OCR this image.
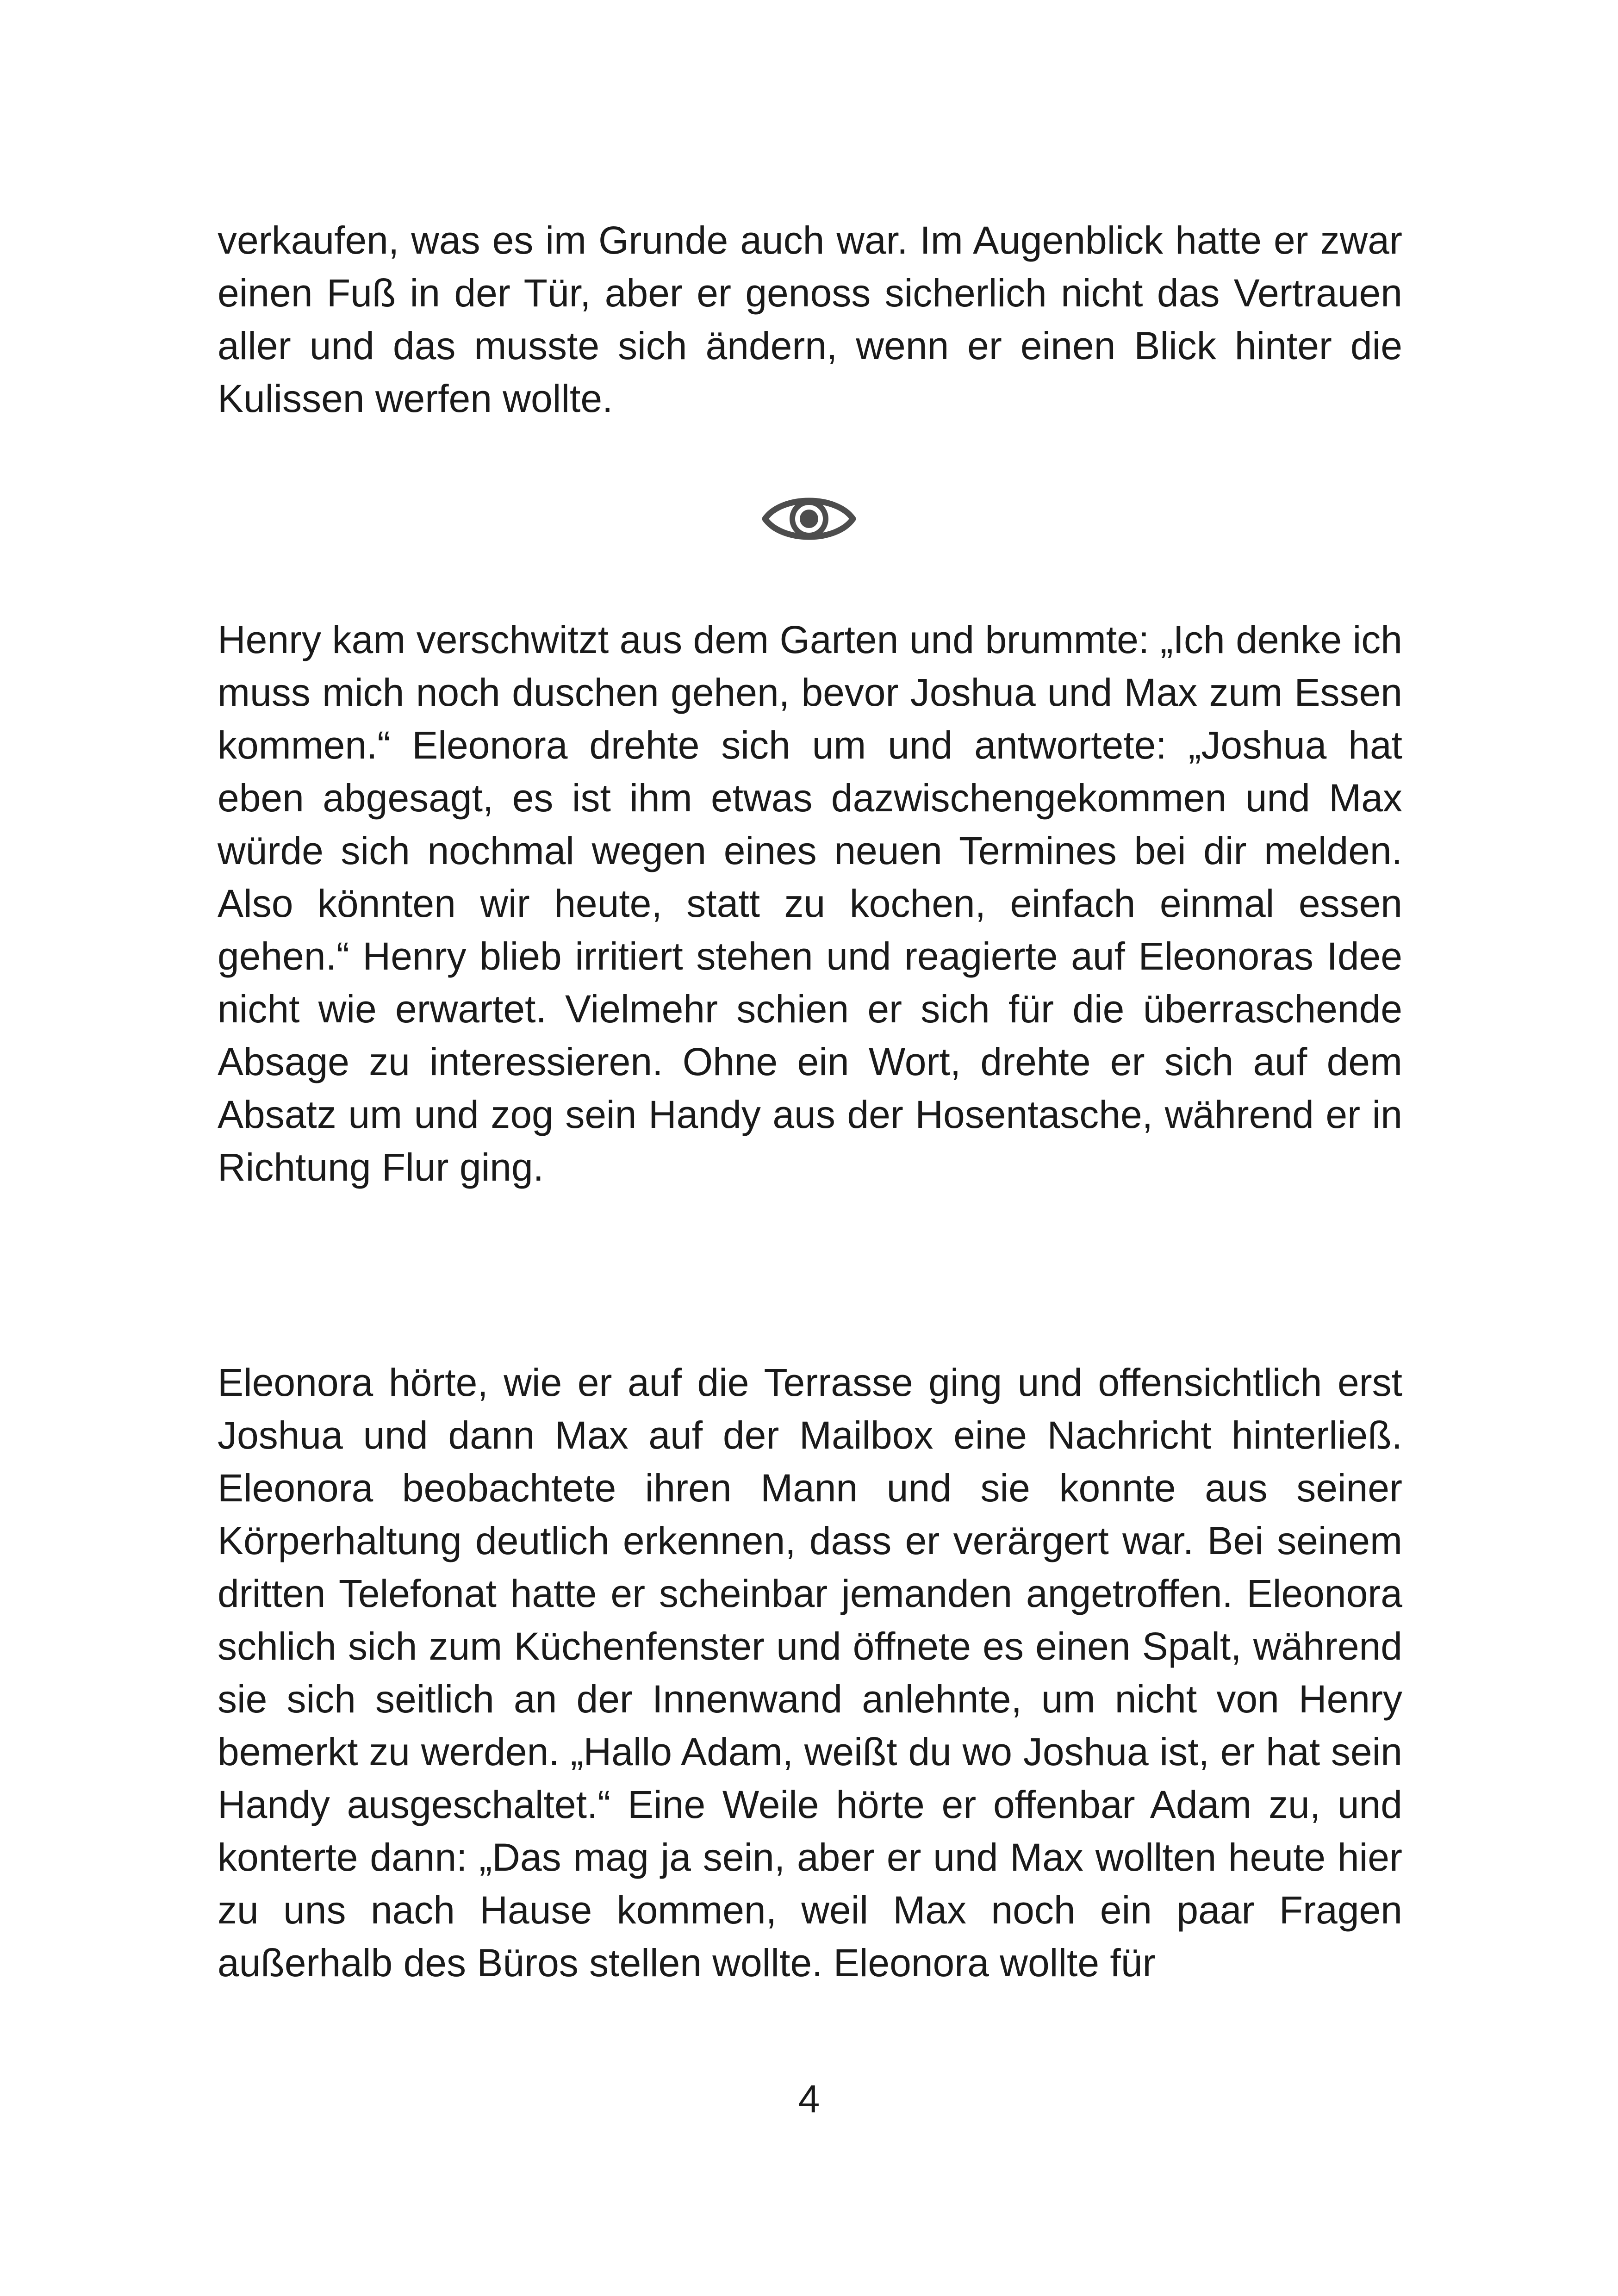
verkaufen, was es im Grunde auch war. Im Augenblick hatte er zwar einen Fuß in der Tür, aber er genoss sicherlich nicht das Vertrauen aller und das musste sich ändern, wenn er einen Blick hinter die Kulissen werfen wollte.

Henry kam verschwitzt aus dem Garten und brummte: „Ich denke ich muss mich noch duschen gehen, bevor Joshua und Max zum Essen kommen.“ Eleonora drehte sich um und antwortete: „Joshua hat eben abgesagt, es ist ihm etwas dazwischengekommen und Max würde sich nochmal wegen eines neuen Termines bei dir melden. Also könnten wir heute, statt zu kochen, einfach einmal essen gehen.“ Henry blieb irritiert stehen und reagierte auf Eleonoras Idee nicht wie erwartet. Vielmehr schien er sich für die überraschende Absage zu interessieren. Ohne ein Wort, drehte er sich auf dem Absatz um und zog sein Handy aus der Hosentasche, während er in Richtung Flur ging.

Eleonora hörte, wie er auf die Terrasse ging und offensichtlich erst Joshua und dann Max auf der Mailbox eine Nachricht hinterließ. Eleonora beobachtete ihren Mann und sie konnte aus seiner Körperhaltung deutlich erkennen, dass er verärgert war. Bei seinem dritten Telefonat hatte er scheinbar jemanden angetroffen. Eleonora schlich sich zum Küchenfenster und öffnete es einen Spalt, während sie sich seitlich an der Innenwand anlehnte, um nicht von Henry bemerkt zu werden. „Hallo Adam, weißt du wo Joshua ist, er hat sein Handy ausgeschaltet.“ Eine Weile hörte er offenbar Adam zu, und konterte dann: „Das mag ja sein, aber er und Max wollten heute hier zu uns nach Hause kommen, weil Max noch ein paar Fragen außerhalb des Büros stellen wollte. Eleonora wollte für

4
